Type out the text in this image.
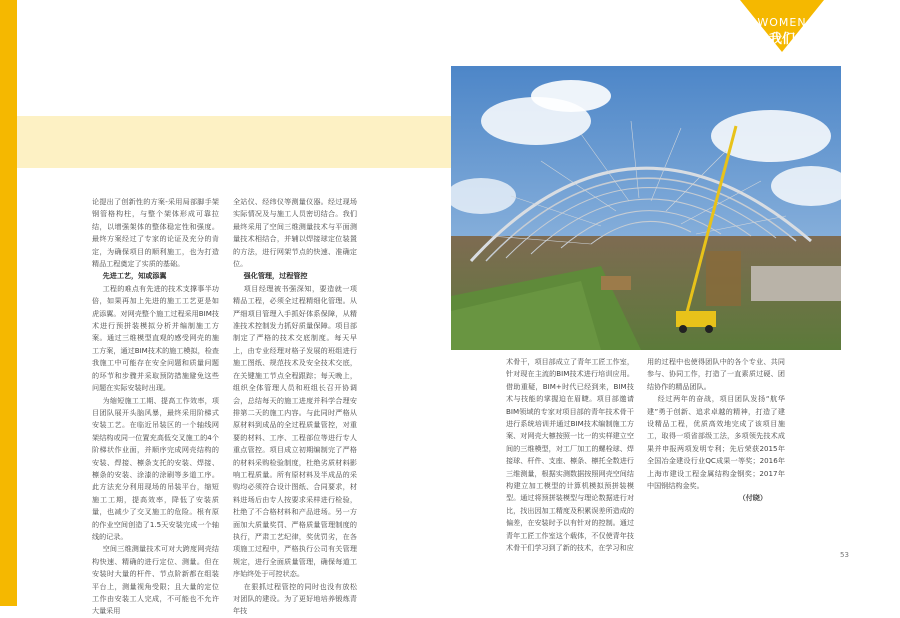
WOMEN
我们

论提出了创新性的方案-采用局部脚手架钢管格构柱，与整个架体形成可靠拉结，以增强架体的整体稳定性和强度。最终方案经过了专家的论证及充分的肯定，为确保项目的顺利施工，也为打造精品工程奠定了实质的基础。

先进工艺，知或添翼

工程的难点有先进的技术支撑事半功倍，如果再加上先进的施工工艺更是如虎添翼。对网壳整个施工过程采用BIM技术进行预拼装模拟分析并编制施工方案。通过三维模型直观的感受网壳的施工方案，通过BIM技术的施工模拟，检查我施工中可能存在安全问题和质量问题的环节和步骤并采取预防措施避免这些问题在实际安装时出现。

为缩短施工工期、提高工作效率，项目团队展开头脑风暴，最终采用阶梯式安装工艺。在临近吊装区的一个轴线网架结构或同一位置充高低交叉施工的4个阶梯状作业面，并顺序完成网壳结构的安装、焊接、檩条支托的安装、焊接、檩条的安装、涂漆的涂刷等多道工序。此方法充分利用现场的吊装平台，缩短施工工期，提高效率，降低了安装质量，也减少了交叉施工的危险。根有原的作业空间创造了1.5天安装完成一个轴线的记录。

空间三维测量技术可对大跨度网壳结构快速、精确的进行定位、测量。但在安装时大量的杆件、节点阶新都在组装平台上，测量视角受限；且大量的定位工作由安装工人完成，不可能也不允许大量采用

全站仪、经纬仪等测量仪器。经过现场实际情况及与施工人员密切结合。我们最终采用了空间三维测量技术与平面测量技术相结合，并辅以焊接球定位装置的方法，进行网架节点的快速、准确定位。

强化管理，过程管控

项目经理被书强深知，要造就一项精品工程，必须全过程精细化管理。从严细项目管理入手抓好体系保障，从精准技术控制发力抓好质量保障。项目部制定了严格的技术交底制度。每天早上，由专业经理对格子发展的班组进行施工图纸、规范技术及安全技术交底，在关键施工节点全程跟踪；每天晚上，组织全体管理人员和班组长召开协调会，总结每天的施工进度并科学合理安排第二天的施工内容。与此同时严格从原材料到成品的全过程质量管控，对重要的材料、工序、工程部位等进行专人重点管控。项目成立初期编制完了严格的材料采购检验制度，杜绝劣质材料影响工程质量。所有原材料及半成品的采购均必须符合设计图纸、合同要求，材料进场后由专人按要求采样进行检验，杜绝了不合格材料和产品进场。另一方面加大质量奖罚、严格质量管理制度的执行，严肃工艺纪律，奖优罚劣，在各项施工过程中，严格执行公司有关管理规定，进行全面质量管理，确保每道工序始终处于可控状态。

在狠抓过程管控的同时也没有放松对团队的建设。为了更好地培养锻炼青年技

术骨干，项目部成立了青年工匠工作室，针对现在主流的BIM技术进行培训应用。借助重疑，BIM+时代已经到来，BIM技术与技能的掌握迫在眉睫。项目部邀请BIM领域的专家对项目部的青年技术骨干进行系统培训并通过BIM技术编制施工方案、对网壳大檩按照一比一的实样建立空间的三维模型，对工厂加工的螺栓球、焊接球、杆件、支座、檩条、檩托全数进行三维测量，根据实测数据按照网壳空间结构建立加工模型的计算机模拟预拼装模型。通过将预拼装模型与理论数据进行对比，找出因加工精度及积累误差所造成的偏差，在安装时予以有针对的控制。通过青年工匠工作室这个载体，不仅使青年技术骨干们学习到了新的技术，在学习和应

用的过程中也使得团队中的各个专业、共同参与、协同工作，打造了一直素质过硬、团结协作的精品团队。

经过两年的奋战，项目团队发扬“航华建”勇于创新、追求卓越的精神，打造了建设精品工程，优质高效地完成了该项目施工，取得一项省部级工法，多项领先技术成果并申报两项发明专利；先后荣获2015年全国冶金建设行业QC成果一等奖；2016年上海市建设工程金属结构金钢奖；2017年中国钢结构金奖。

（付晓）

53
